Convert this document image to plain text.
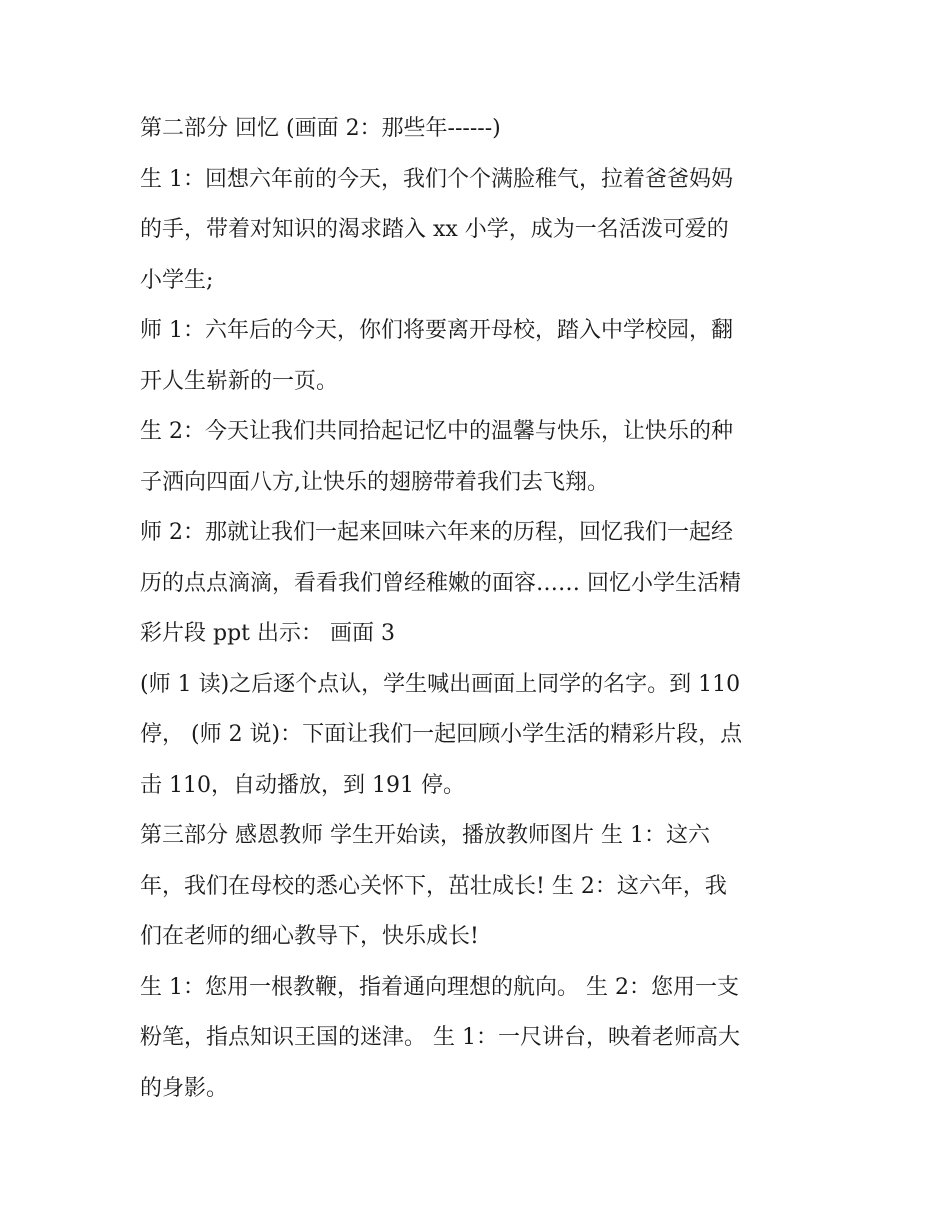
第二部分 回忆 (画面 2：那些年------)
生 1：回想六年前的今天，我们个个满脸稚气，拉着爸爸妈妈
的手，带着对知识的渴求踏入 xx 小学，成为一名活泼可爱的
小学生;
师 1：六年后的今天，你们将要离开母校，踏入中学校园，翻
开人生崭新的一页。
生 2：今天让我们共同拾起记忆中的温馨与快乐，让快乐的种
子洒向四面八方,让快乐的翅膀带着我们去飞翔。
师 2：那就让我们一起来回味六年来的历程，回忆我们一起经
历的点点滴滴，看看我们曾经稚嫩的面容…… 回忆小学生活精
彩片段 ppt 出示： 画面 3
(师 1 读)之后逐个点认，学生喊出画面上同学的名字。到 110
停， (师 2 说)：下面让我们一起回顾小学生活的精彩片段，点
击 110，自动播放，到 191 停。
第三部分 感恩教师 学生开始读，播放教师图片 生 1：这六
年，我们在母校的悉心关怀下，茁壮成长! 生 2：这六年，我
们在老师的细心教导下，快乐成长!
生 1：您用一根教鞭，指着通向理想的航向。 生 2：您用一支
粉笔，指点知识王国的迷津。 生 1：一尺讲台，映着老师高大
的身影。
